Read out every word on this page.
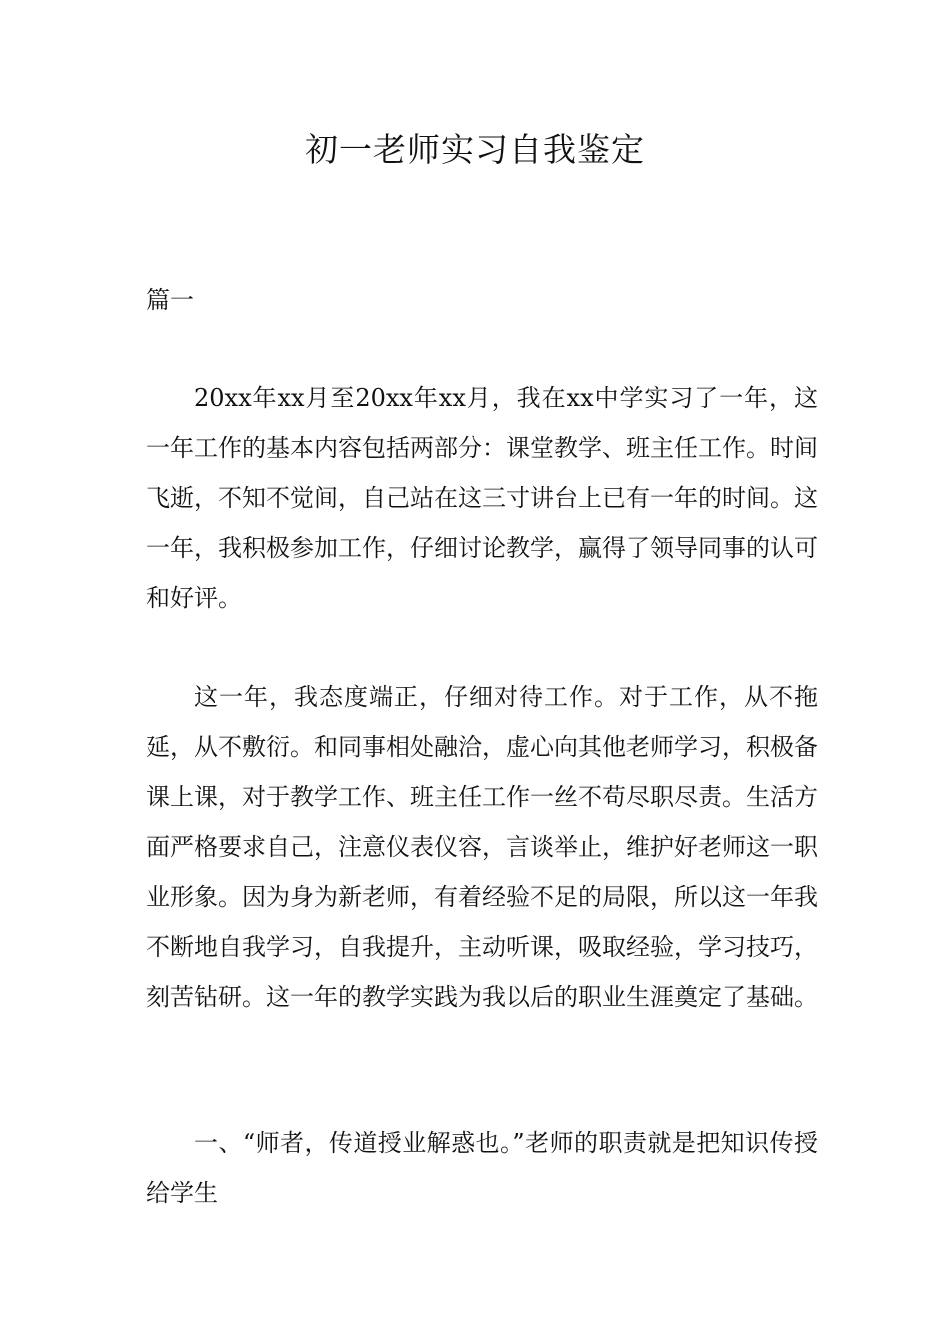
初一老师实习自我鉴定
篇一

20xx年xx月至20xx年xx月，我在xx中学实习了一年，这一年工作的基本内容包括两部分：课堂教学、班主任工作。时间飞逝，不知不觉间，自己站在这三寸讲台上已有一年的时间。这一年，我积极参加工作，仔细讨论教学，赢得了领导同事的认可和好评。

这一年，我态度端正，仔细对待工作。对于工作，从不拖延，从不敷衍。和同事相处融洽，虚心向其他老师学习，积极备课上课，对于教学工作、班主任工作一丝不苟尽职尽责。生活方面严格要求自己，注意仪表仪容，言谈举止，维护好老师这一职业形象。因为身为新老师，有着经验不足的局限，所以这一年我不断地自我学习，自我提升，主动听课，吸取经验，学习技巧，刻苦钻研。这一年的教学实践为我以后的职业生涯奠定了基础。

一、“师者，传道授业解惑也。”老师的职责就是把知识传授给学生
